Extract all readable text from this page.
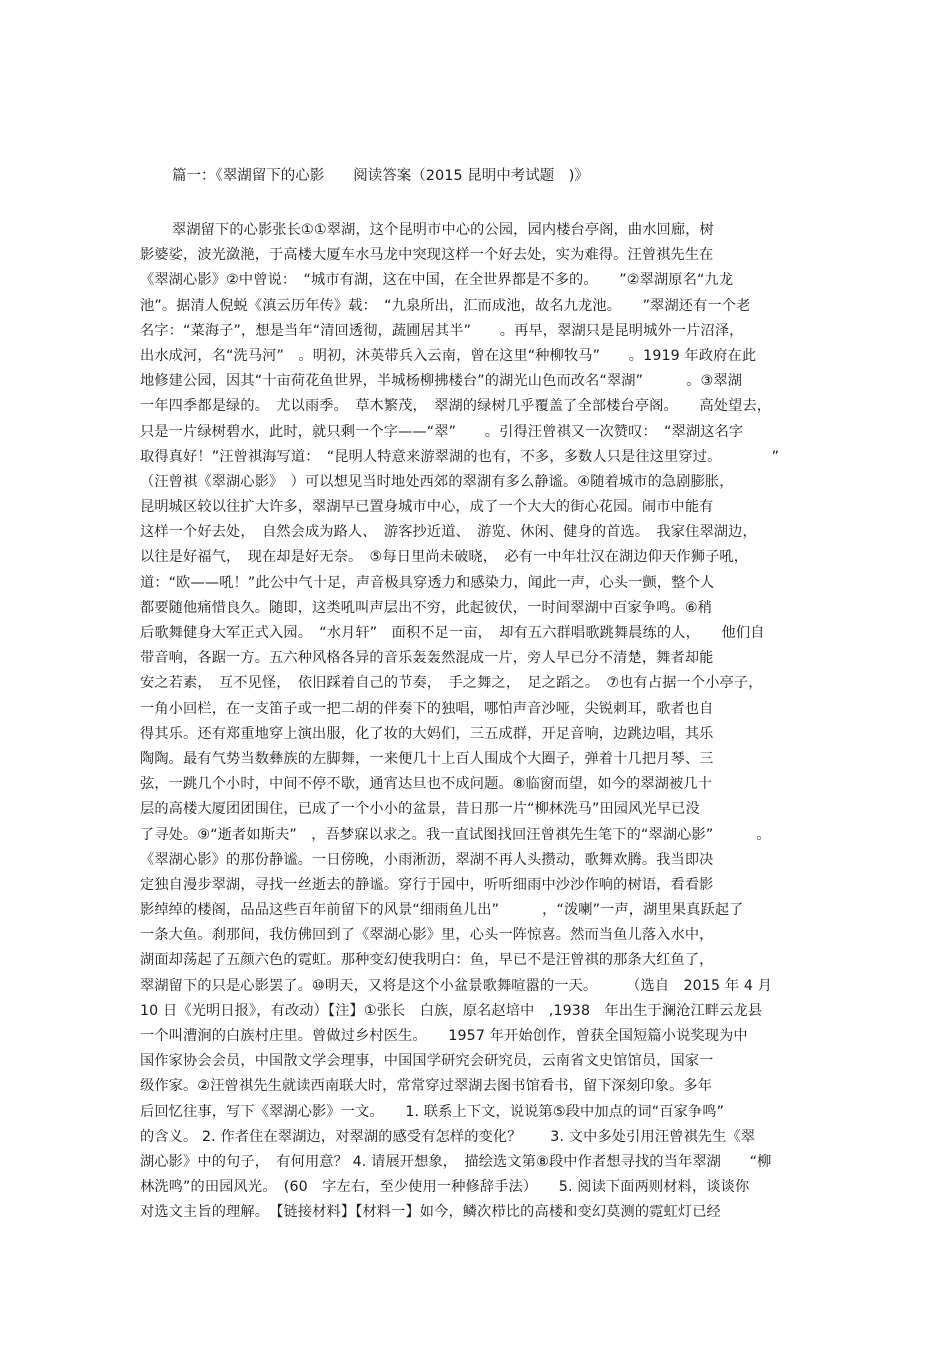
篇一：《翠湖留下的心影　　阅读答案（2015 昆明中考试题　)》
翠湖留下的心影张长①①翠湖，这个昆明市中心的公园，园内楼台亭阁，曲水回廊，树
影婆娑，波光潋滟，于高楼大厦车水马龙中突现这样一个好去处，实为难得。汪曾祺先生在
《翠湖心影》②中曾说：　“城市有湖，这在中国，在全世界都是不多的。　　”②翠湖原名“九龙
池”。据清人倪蜕《滇云历年传》载：　“九泉所出，汇而成池，故名九龙池。　　”翠湖还有一个老
名字：“菜海子”，想是当年“清回透彻，蔬圃居其半”　　。再早，翠湖只是昆明城外一片沼泽，
出水成河，名“洗马河”　。明初，沐英带兵入云南，曾在这里“种柳牧马”　　。1919 年政府在此
地修建公园，因其“十亩荷花鱼世界，半城杨柳拂楼台”的湖光山色而改名“翠湖”　　　。③翠湖
一年四季都是绿的。　尤以雨季。　草木繁茂，　翠湖的绿树几乎覆盖了全部楼台亭阁。　　高处望去，
只是一片绿树碧水，此时，就只剩一个字——“翠”　　。引得汪曾祺又一次赞叹：　“翠湖这名字
取得真好！”汪曾祺海写道：　“昆明人特意来游翠湖的也有，不多，多数人只是往这里穿过。　　　　”
（汪曾祺《翠湖心影》　）可以想见当时地处西郊的翠湖有多么静谧。④随着城市的急剧膨胀，
昆明城区较以往扩大许多，翠湖早已置身城市中心，成了一个大大的街心花园。闹市中能有
这样一个好去处，　自然会成为路人、　游客抄近道、　游览、休闲、健身的首选。　我家住翠湖边，
以往是好福气，　现在却是好无奈。　⑤每日里尚未破晓，　必有一中年壮汉在湖边仰天作狮子吼，
道：“欧——吼！”此公中气十足，声音极具穿透力和感染力，闻此一声，心头一颤，整个人
都要随他痛惜良久。随即，这类吼叫声层出不穷，此起彼伏，一时间翠湖中百家争鸣。⑥稍
后歌舞健身大军正式入园。　“水月轩”　面积不足一亩，　却有五六群唱歌跳舞晨练的人，　　他们自
带音响，各踞一方。五六种风格各异的音乐轰轰然混成一片，旁人早已分不清楚，舞者却能
安之若素，　互不见怪，　依旧踩着自己的节奏，　手之舞之，　足之蹈之。　⑦也有占据一个小亭子，
一角小回栏，在一支笛子或一把二胡的伴奏下的独唱，哪怕声音沙哑，尖锐刺耳，歌者也自
得其乐。还有郑重地穿上演出服，化了妆的大妈们，三五成群，开足音响，边跳边唱，其乐
陶陶。最有气势当数彝族的左脚舞，一来便几十上百人围成个大圈子，弹着十几把月琴、三
弦，一跳几个小时，中间不停不歇，通宵达旦也不成问题。⑧临窗而望，如今的翠湖被几十
层的高楼大厦团团围住，已成了一个小小的盆景，昔日那一片“柳林洗马”田园风光早已没
了寻处。⑨“逝者如斯夫”　，吾梦寐以求之。我一直试图找回汪曾祺先生笔下的“翠湖心影”　　　。
《翠湖心影》的那份静谧。一日傍晚，小雨淅沥，翠湖不再人头攒动，歌舞欢腾。我当即决
定独自漫步翠湖，寻找一丝逝去的静谧。穿行于园中，听听细雨中沙沙作响的树语，看看影
影绰绰的楼阁，品品这些百年前留下的风景“细雨鱼儿出”　　　，“泼喇”一声，湖里果真跃起了
一条大鱼。刹那间，我仿佛回到了《翠湖心影》里，心头一阵惊喜。然而当鱼儿落入水中，
湖面却荡起了五颜六色的霓虹。那种变幻使我明白：鱼，早已不是汪曾祺的那条大红鱼了，
翠湖留下的只是心影罢了。⑩明天，又将是这个小盆景歌舞喧嚣的一天。　　　（选自　2015 年 4 月
10 日《光明日报》，有改动）【注】①张长　白族，原名赵培中　,1938　年出生于澜沧江畔云龙县
一个叫漕涧的白族村庄里。曾做过乡村医生。　　1957 年开始创作，曾获全国短篇小说奖现为中
国作家协会会员，中国散文学会理事，中国国学研究会研究员，云南省文史馆馆员，国家一
级作家。②汪曾祺先生就读西南联大时，常常穿过翠湖去图书馆看书，留下深刻印象。多年
后回忆往事，写下《翠湖心影》一文。　　1. 联系上下文，说说第⑤段中加点的词“百家争鸣”
的含义。 2. 作者住在翠湖边，对翠湖的感受有怎样的变化？　　3. 文中多处引用汪曾祺先生《翠
湖心影》中的句子，　有何用意？ 4. 请展开想象，　描绘选文第⑧段中作者想寻找的当年翠湖　　“柳
林洗鸣”的田园风光。　(60　字左右，至少使用一种修辞手法）　　5. 阅读下面两则材料，谈谈你
对选文主旨的理解。　【链接材料】【材料一】如今，鳞次栉比的高楼和变幻莫测的霓虹灯已经
